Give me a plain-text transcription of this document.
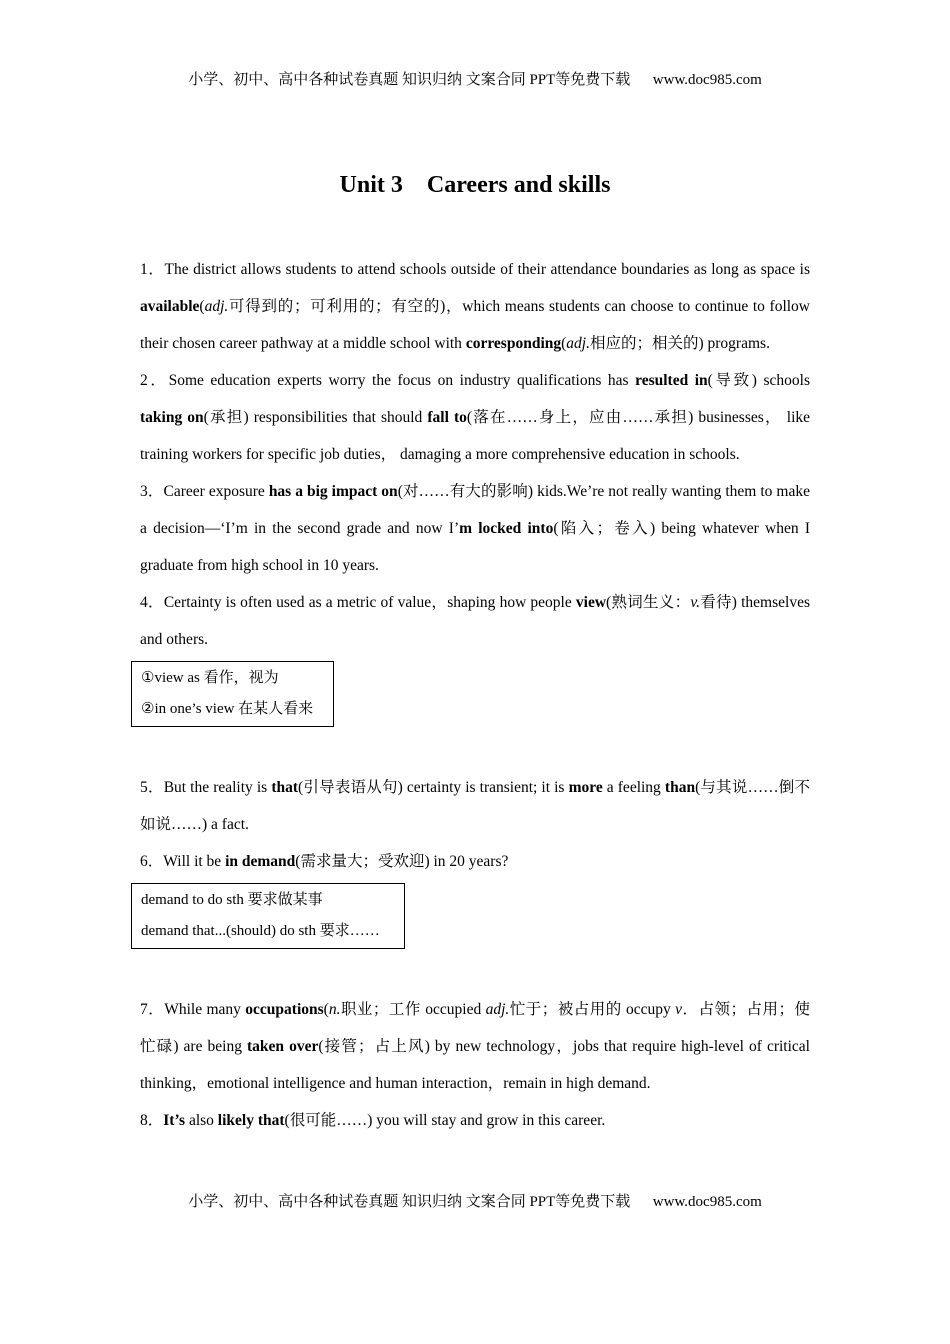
小学、初中、高中各种试卷真题 知识归纳 文案合同 PPT等免费下载      www.doc985.com
Unit 3    Careers and skills

1．The district allows students to attend schools outside of their attendance boundaries as long as space is available(adj.可得到的；可利用的；有空的)，which means students can choose to continue to follow their chosen career pathway at a middle school with corresponding(adj.相应的；相关的) programs.

2．Some education experts worry the focus on industry qualifications has resulted in(导致) schools taking on(承担) responsibilities that should fall to(落在……身上，应由……承担) businesses， like training workers for specific job duties， damaging a more comprehensive education in schools.

3．Career exposure has a big impact on(对……有大的影响) kids.We’re not really wanting them to make a decision—‘I’m in the second grade and now I’m locked into(陷入；卷入) being whatever when I graduate from high school in 10 years.

4．Certainty is often used as a metric of value，shaping how people view(熟词生义：v.看待) themselves and others.

①view as 看作，视为
②in one’s view 在某人看来

5．But the reality is that(引导表语从句) certainty is transient; it is more a feeling than(与其说……倒不如说……) a fact.

6．Will it be in demand(需求量大；受欢迎) in 20 years?

demand to do sth 要求做某事
demand that...(should) do sth 要求……

7．While many occupations(n.职业；工作 occupied adj.忙于；被占用的 occupy v．占领；占用；使忙碌) are being taken over(接管；占上风) by new technology，jobs that require high-level of critical thinking，emotional intelligence and human interaction，remain in high demand.

8．It’s also likely that(很可能……) you will stay and grow in this career.

小学、初中、高中各种试卷真题 知识归纳 文案合同 PPT等免费下载      www.doc985.com
